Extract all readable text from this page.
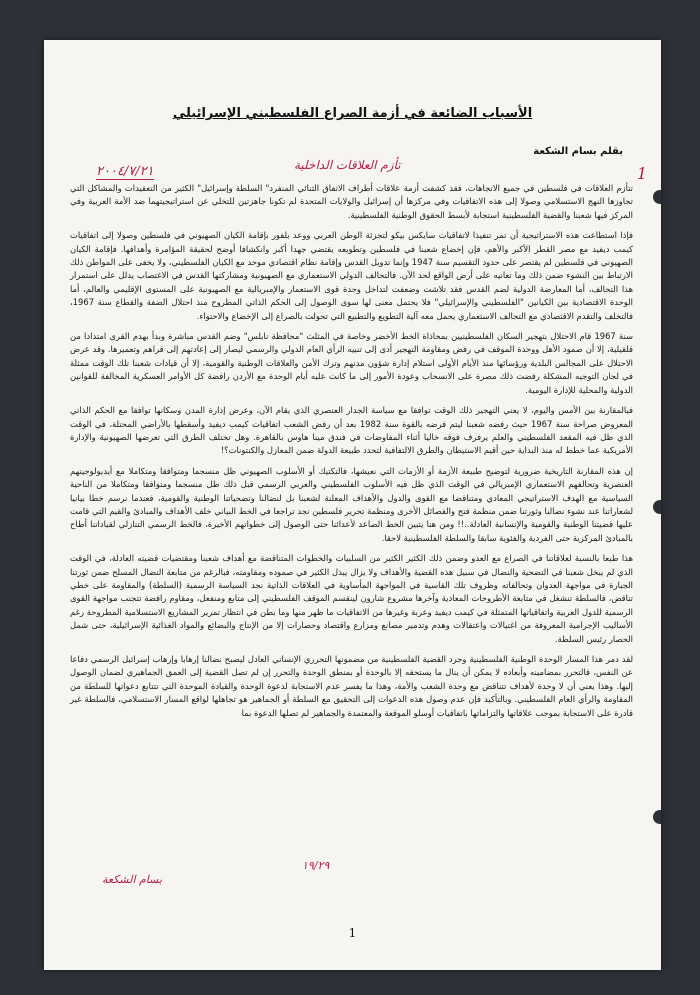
الأسباب الضائعة في أزمة الصراع الفلسطيني الإسرائيلي
بقلم بسام الشكعة
٢٠٠٤/٧/٢١	تأزم العلاقات الداخلية	1

تتأزم العلاقات في فلسطين في جميع الاتجاهات، فقد كشفت أزمة علاقات أطراف الاتفاق الثنائي المنفرد" السلطة وإسرائيل" الكثير من التعقيدات والمشاكل التي تجاوزها النهج الاستسلامي وصولا إلى هذه الاتفاقيات وفي مركزها أن إسرائيل والولايات المتحدة لم تكونا جاهزتين للتخلي عن استراتيجيتهما ضد الأمة العربية وفي المركز فيها شعبنا والقضية الفلسطينية استجابة لأبسط الحقوق الوطنية الفلسطينية.

فإذا استطاعت هذه الاستراتيجية أن تمر تنفيذا لاتفاقيات سايكس بيكو لتجزئة الوطن العربي ووعد بلفور بإقامة الكيان الصهيوني في فلسطين وصولا إلى اتفاقيات كيمب ديفيد مع مصر القطر الأكبر والأهم، فإن إخضاع شعبنا في فلسطين وتطويعه يقتضي جهدا أكبر وانكشافا أوضح لحقيقة المؤامرة وأهدافها. فإقامة الكيان الصهيوني في فلسطين لم يقتصر على حدود التقسيم سنة 1947 وإنما تدويل القدس وإقامة نظام اقتصادي موحد مع الكيان الفلسطيني، ولا يخفى على المواطن ذلك الارتباط بين النشوء ضمن ذلك وما تعانيه على أرض الواقع لحد الآن. فالتحالف الدولي الاستعماري مع الصهيونية ومشاركتها القدس في الاغتصاب يدلل على استمرار هذا التحالف، أما المعارضة الدولية لضم القدس فقد تلاشت وضعفت لتداخل وحدة قوى الاستعمار والإمبريالية مع الصهيونية على المستوى الإقليمي والعالم، أما الوحدة الاقتصادية بين الكيانين "الفلسطيني والإسرائيلي" فلا يحتمل معنى لها سوى الوصول إلى الحكم الذاتي المطروح منذ احتلال الضفة والقطاع سنة 1967، فالتخلف والتقدم الاقتصادي مع التحالف الاستعماري يحمل معه آلية التطويع والتطبيع التي تحولت بالصراع إلى الإخضاع والاحتواء.

سنة 1967 قام الاحتلال بتهجير السكان الفلسطينيين بمحاذاة الخط الأخضر وخاصة في المثلث "محافظة نابلس" وضم القدس مباشرة وبدأ بهدم القرى امتدادا من قلقيلية، إلا أن صمود الأهل ووحدة الموقف في رفض ومقاومة التهجير أدى إلى تنبيه الرأي العام الدولي والرسمي ليصار إلى إعادتهم إلى قراهم وتعميرها. وقد عرض الاحتلال على المجالس البلدية ورؤسائها منذ الأيام الأولى استلام إدارة شؤون مدنهم وترك الأمن والعلاقات الوطنية والقومية، إلا أن قيادات شعبنا تلك الوقت ممثلة في لجان التوجيه المشكلة رفضت ذلك مصرة على الانسحاب وعودة الأمور إلى ما كانت عليه أيام الوحدة مع الأردن رافضة كل الأوامر العسكرية المخالفة للقوانين الدولية والمحلية للإدارة اليومية.

فبالمقارنة بين الأمس واليوم، لا يعني التهجير ذلك الوقت توافقا مع سياسة الجدار العنصري الذي يقام الآن، وعرض إدارة المدن وسكانها توافقا مع الحكم الذاتي المعروض صراحة سنة 1967 حيث رفضه شعبنا ليتم فرضه بالقوة سنة 1982 بعد أن رفض الشعب اتفاقيات كيمب ديفيد وأسقطها بالأراضي المحتلة، في الوقت الذي ظل فيه المقعد الفلسطيني والعلم يرفرف فوقه خاليا أثناء المفاوضات في فندق مينا هاوس بالقاهرة. وهل تختلف الطرق التي تعرضها الصهيونية والإدارة الأمريكية عما خطط له منذ البداية حين أقيم الاستيطان والطرق الالتفافية لتحدد طبيعة الدولة ضمن المعازل والكنتونات؟!

إن هذه المقارنة التاريخية ضرورية لتوضيح طبيعة الأزمة أو الأزمات التي نعيشها، فالتكتيك أو الأسلوب الصهيوني ظل منسجما ومتوافقا ومتكاملا مع أيديولوجيتهم العنصرية وتحالفهم الاستعماري الإمبريالي في الوقت الذي ظل فيه الأسلوب الفلسطيني والعربي الرسمي قبل ذلك ظل منسجما ومتوافقا ومتكاملا من الناحية السياسية مع الهدف الاستراتيجي المعادي ومتناقضا مع القوى والدول والأهداف المعلنة لشعبنا بل لنضالنا وتضحياتنا الوطنية والقومية، فعندما نرسم خطا بيانيا لشعاراتنا عند نشوء نضالنا وثورتنا ضمن منظمة فتح والفصائل الأخرى ومنظمة تحرير فلسطين نجد تراجعا في الخط البياني خلف الأهداف والمبادئ والقيم التي قامت عليها قضيتنا الوطنية والقومية والإنسانية العادلة..!! ومن هنا يتبين الخط الصاعد لأعدائنا حتى الوصول إلى خطواتهم الأخيرة، فالخط الرسمي التنازلي لقياداتنا أطاح بالمبادئ المركزية حتى الفردية والفئوية سابقا والسلطة الفلسطينية لاحقا.

هذا طبعا بالنسبة لعلاقاتنا في الصراع مع العدو وضمن ذلك الكثير الكثير من السلبيات والخطوات المتناقضة مع أهداف شعبنا ومقتضيات قضيته العادلة، في الوقت الذي لم يبخل شعبنا في التضحية والنضال في سبيل هذه القضية والأهداف ولا يزال يبذل الكثير في صموده ومقاومته، فبالرغم من متابعة النضال المسلح ضمن ثورتنا الجبارة في مواجهة العدوان وتحالفاته وظروف تلك القاسية في المواجهة المأساوية في العلاقات الذاتية نجد السياسة الرسمية (السلطة) والمقاومة على خطي تناقض، فالسلطة تنشغل في متابعة الأطروحات المعادية وآخرها مشروع شارون لينقسم الموقف الفلسطيني إلى متابع ومنفعل، ومقاوم رافضة تتجنب مواجهة القوى الرسمية للدول العربية واتفاقياتها المتمثلة في كيمب ديفيد وعربة وغيرها من الاتفاقيات ما ظهر منها وما بطن في انتظار تمرير المشاريع الاستسلامية المطروحة رغم الأساليب الإجرامية المعروفة من اغتيالات واعتقالات وهدم وتدمير مصانع ومزارع واقتصاد وحصارات إلا من الإنتاج والبضائع والمواد الغذائية الإسرائيلية، حتى شمل الحصار رئيس السلطة.

لقد دمر هذا المسار الوحدة الوطنية الفلسطينية وجرد القضية الفلسطينية من مضمونها التحرري الإنساني العادل ليصبح نضالنا إرهابا وإرهاب إسرائيل الرسمي دفاعا عن النفس، فالتحرر بمضامينه وأبعاده لا يمكن أن ينال ما يستحقه إلا بالوحدة أو بمنطق الوحدة والتحرر إن لم تصل القضية إلى العمق الجماهيري لضمان الوصول إليها. وهذا يعني أن لا وحدة لأهداف تتناقض مع وحدة الشعب والأمة، وهذا ما يفسر عدم الاستجابة لدعوة الوحدة والقيادة الموحدة التي تتتابع دعواتها للسلطة من المقاومة والرأي العام الفلسطيني. وبالتأكيد فإن عدم وصول هذه الدعوات إلى التحقيق مع السلطة أو الجماهير هو تجاهلها لواقع المسار الاستسلامي، فالسلطة غير قادرة على الاستجابة بموجب علاقاتها والتزاماتها باتفاقيات أوسلو الموقعة والمعتمدة والجماهير لم تصلها الدعوة بما

بسام الشكعة
١٩/٢٩
1
